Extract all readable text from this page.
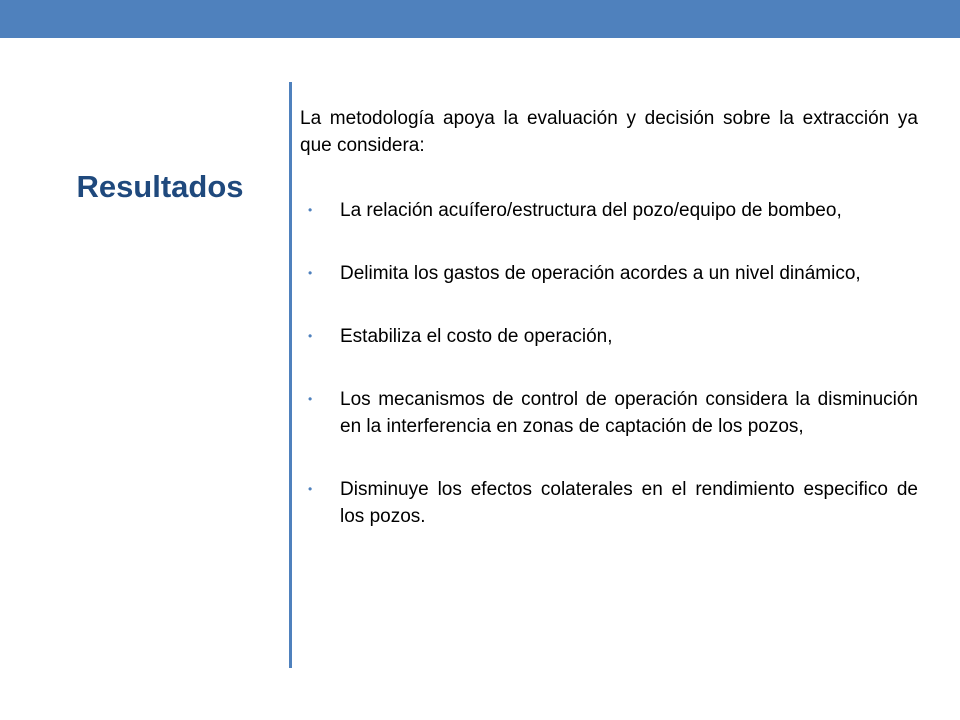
Resultados

La metodología apoya la evaluación y decisión sobre la extracción ya que considera:

• La relación acuífero/estructura del pozo/equipo de bombeo,
• Delimita los gastos de operación acordes a un nivel dinámico,
• Estabiliza el costo de operación,
• Los mecanismos de control de operación considera la disminución en la interferencia en zonas de captación de los pozos,
• Disminuye los efectos colaterales en el rendimiento especifico de los pozos.
